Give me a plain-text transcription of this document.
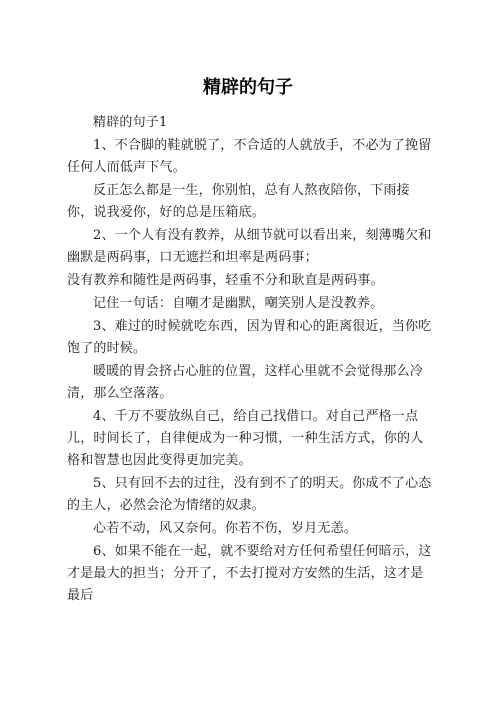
精辟的句子

精辟的句子1

1、不合脚的鞋就脱了，不合适的人就放手，不必为了挽留任何人而低声下气。

反正怎么都是一生，你别怕，总有人熬夜陪你，下雨接你，说我爱你，好的总是压箱底。

2、一个人有没有教养，从细节就可以看出来，刻薄嘴欠和幽默是两码事，口无遮拦和坦率是两码事；

没有教养和随性是两码事，轻重不分和耿直是两码事。

记住一句话：自嘲才是幽默，嘲笑别人是没教养。

3、难过的时候就吃东西，因为胃和心的距离很近，当你吃饱了的时候。

暖暖的胃会挤占心脏的位置，这样心里就不会觉得那么冷清，那么空落落。

4、千万不要放纵自己，给自己找借口。对自己严格一点儿，时间长了，自律便成为一种习惯，一种生活方式，你的人格和智慧也因此变得更加完美。

5、只有回不去的过往，没有到不了的明天。你成不了心态的主人，必然会沦为情绪的奴隶。

心若不动，风又奈何。你若不伤，岁月无恙。

6、如果不能在一起，就不要给对方任何希望任何暗示，这才是最大的担当；分开了，不去打搅对方安然的生活，这才是最后
